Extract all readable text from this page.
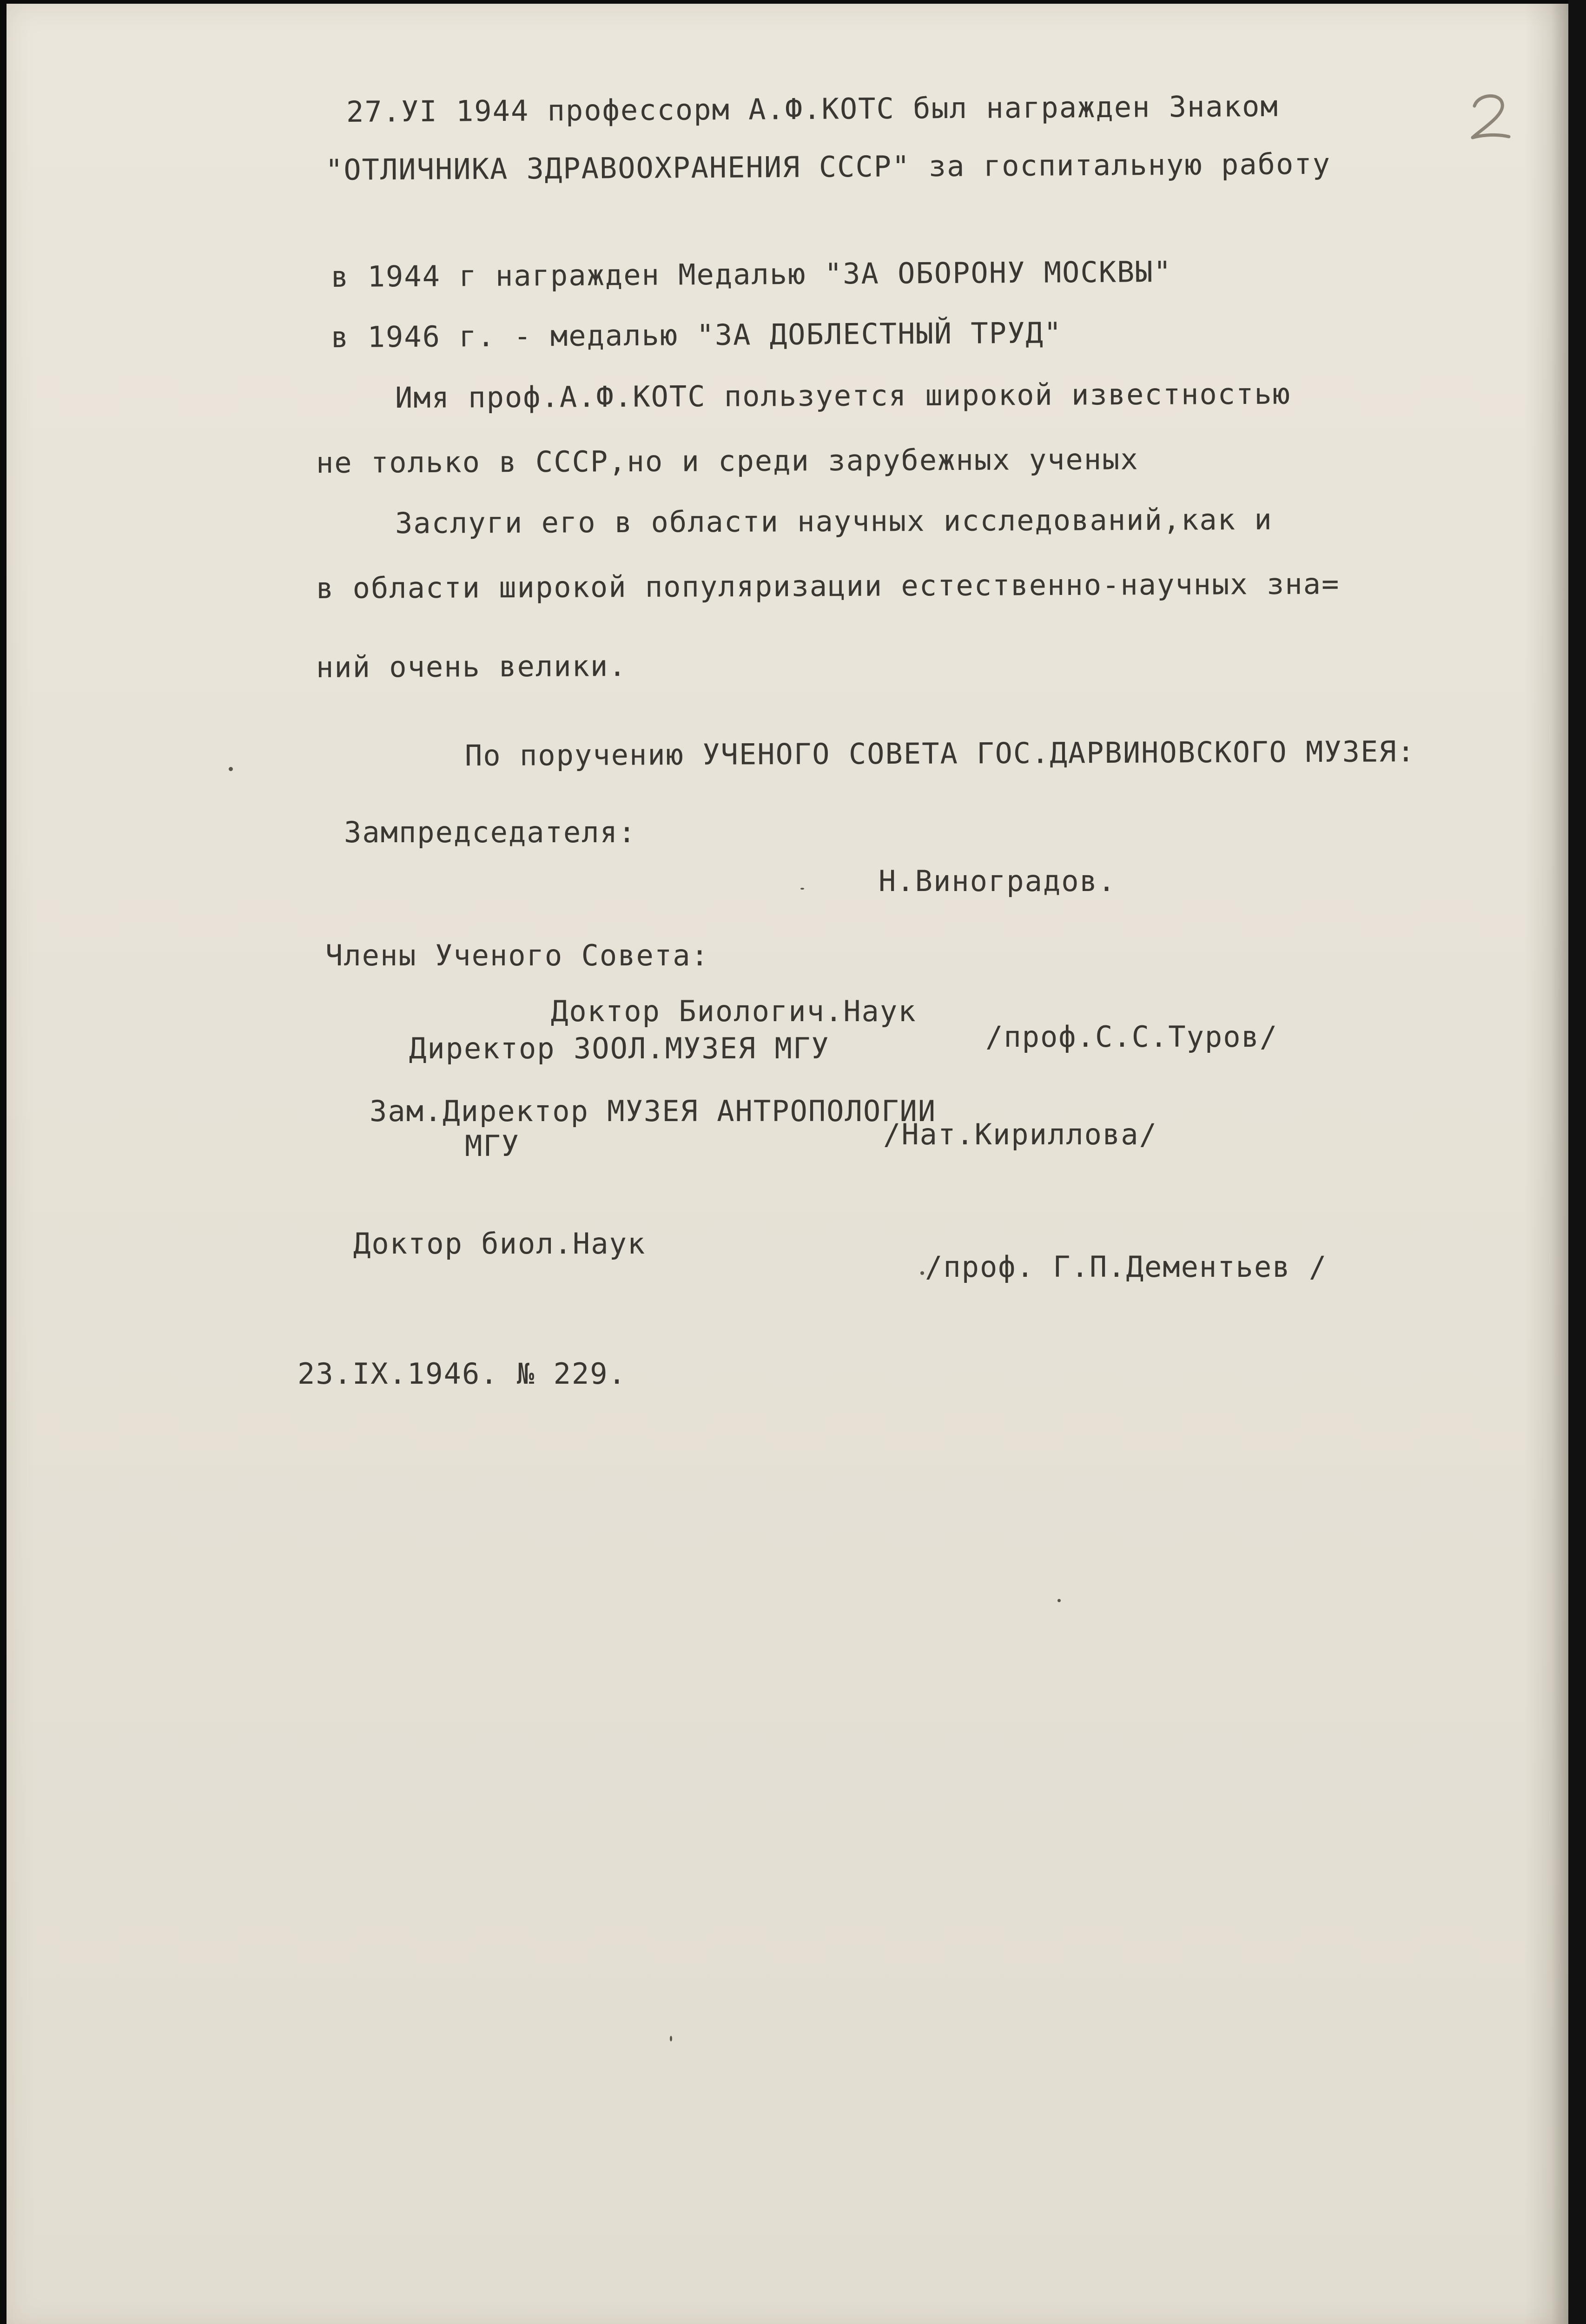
27.УI 1944 профессорм А.Ф.КОТС был награжден Знаком
"ОТЛИЧНИКА ЗДРАВООХРАНЕНИЯ СССР" за госпитальную работу
в 1944 г награжден Медалью "ЗА ОБОРОНУ МОСКВЫ"
в 1946 г. - медалью "ЗА ДОБЛЕСТНЫЙ ТРУД"
Имя проф.А.Ф.КОТС пользуется широкой известностью
не только в СССР,но и среди зарубежных ученых
Заслуги его в области научных исследований,как и
в области широкой популяризации естественно-научных зна=
ний очень велики.
По поручению УЧЕНОГО СОВЕТА ГОС.ДАРВИНОВСКОГО МУЗЕЯ:
Зампредседателя:
Н.Виноградов.
Члены Ученого Совета:
Доктор Биологич.Наук
Директор ЗООЛ.МУЗЕЯ МГУ	/проф.С.С.Туров/
Зам.Директор МУЗЕЯ АНТРОПОЛОГИИ
МГУ	/Нат.Кириллова/
Доктор биол.Наук
/проф. Г.П.Дементьев /
23.IX.1946. № 229.
